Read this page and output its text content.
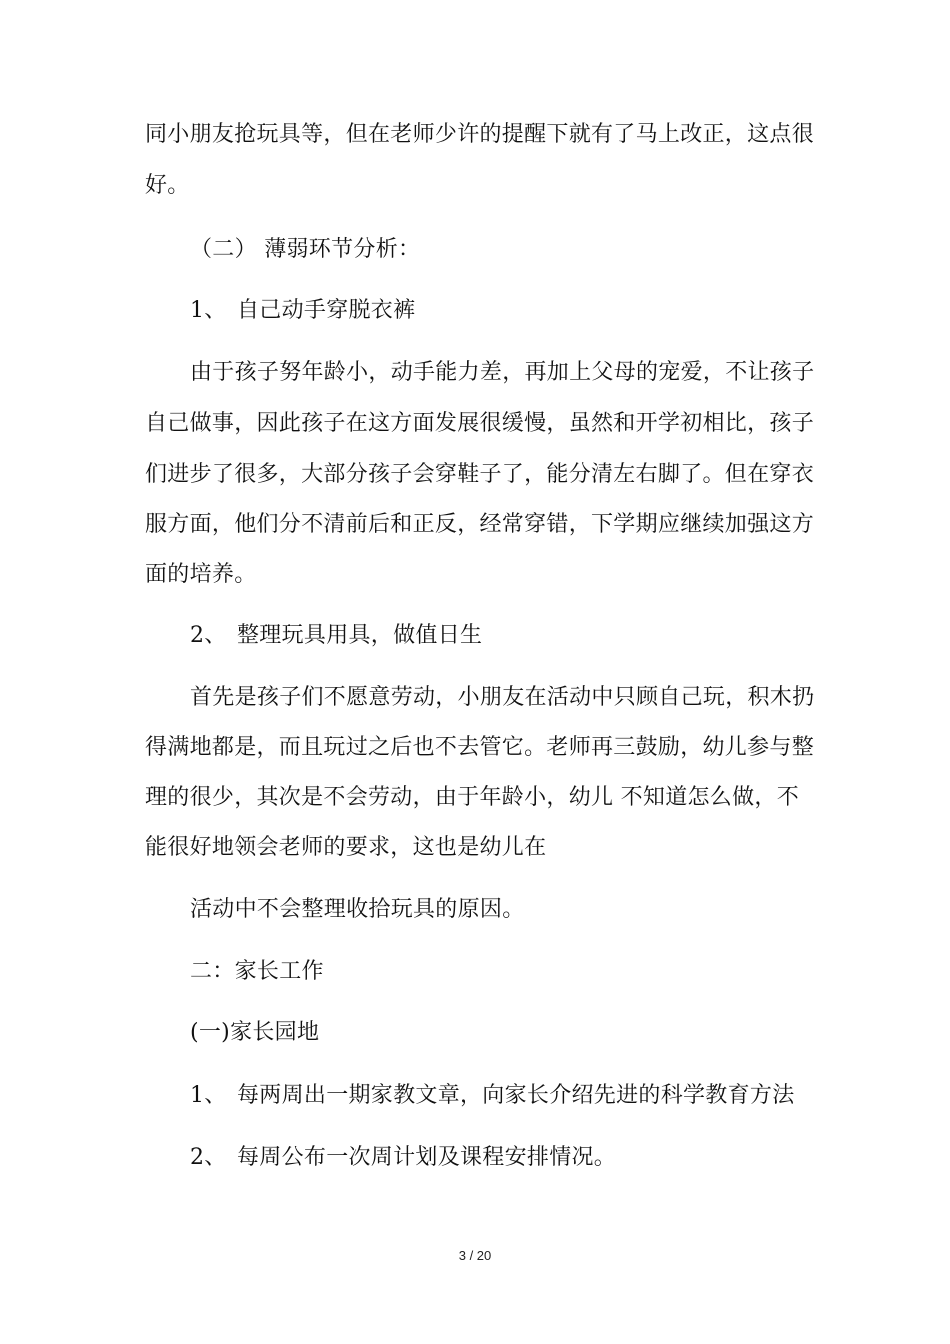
同小朋友抢玩具等，但在老师少许的提醒下就有了马上改正，这点很
好。
（二） 薄弱环节分析：
1、 自己动手穿脱衣裤
由于孩子努年龄小，动手能力差，再加上父母的宠爱，不让孩子
自己做事，因此孩子在这方面发展很缓慢，虽然和开学初相比，孩子
们进步了很多，大部分孩子会穿鞋子了，能分清左右脚了。但在穿衣
服方面，他们分不清前后和正反，经常穿错，下学期应继续加强这方
面的培养。
2、 整理玩具用具，做值日生
首先是孩子们不愿意劳动，小朋友在活动中只顾自己玩，积木扔
得满地都是，而且玩过之后也不去管它。老师再三鼓励，幼儿参与整
理的很少，其次是不会劳动，由于年龄小，幼儿 不知道怎么做，不
能很好地领会老师的要求，这也是幼儿在
活动中不会整理收拾玩具的原因。
二：家长工作
(一)家长园地
1、 每两周出一期家教文章，向家长介绍先进的科学教育方法
2、 每周公布一次周计划及课程安排情况。
3 / 20
